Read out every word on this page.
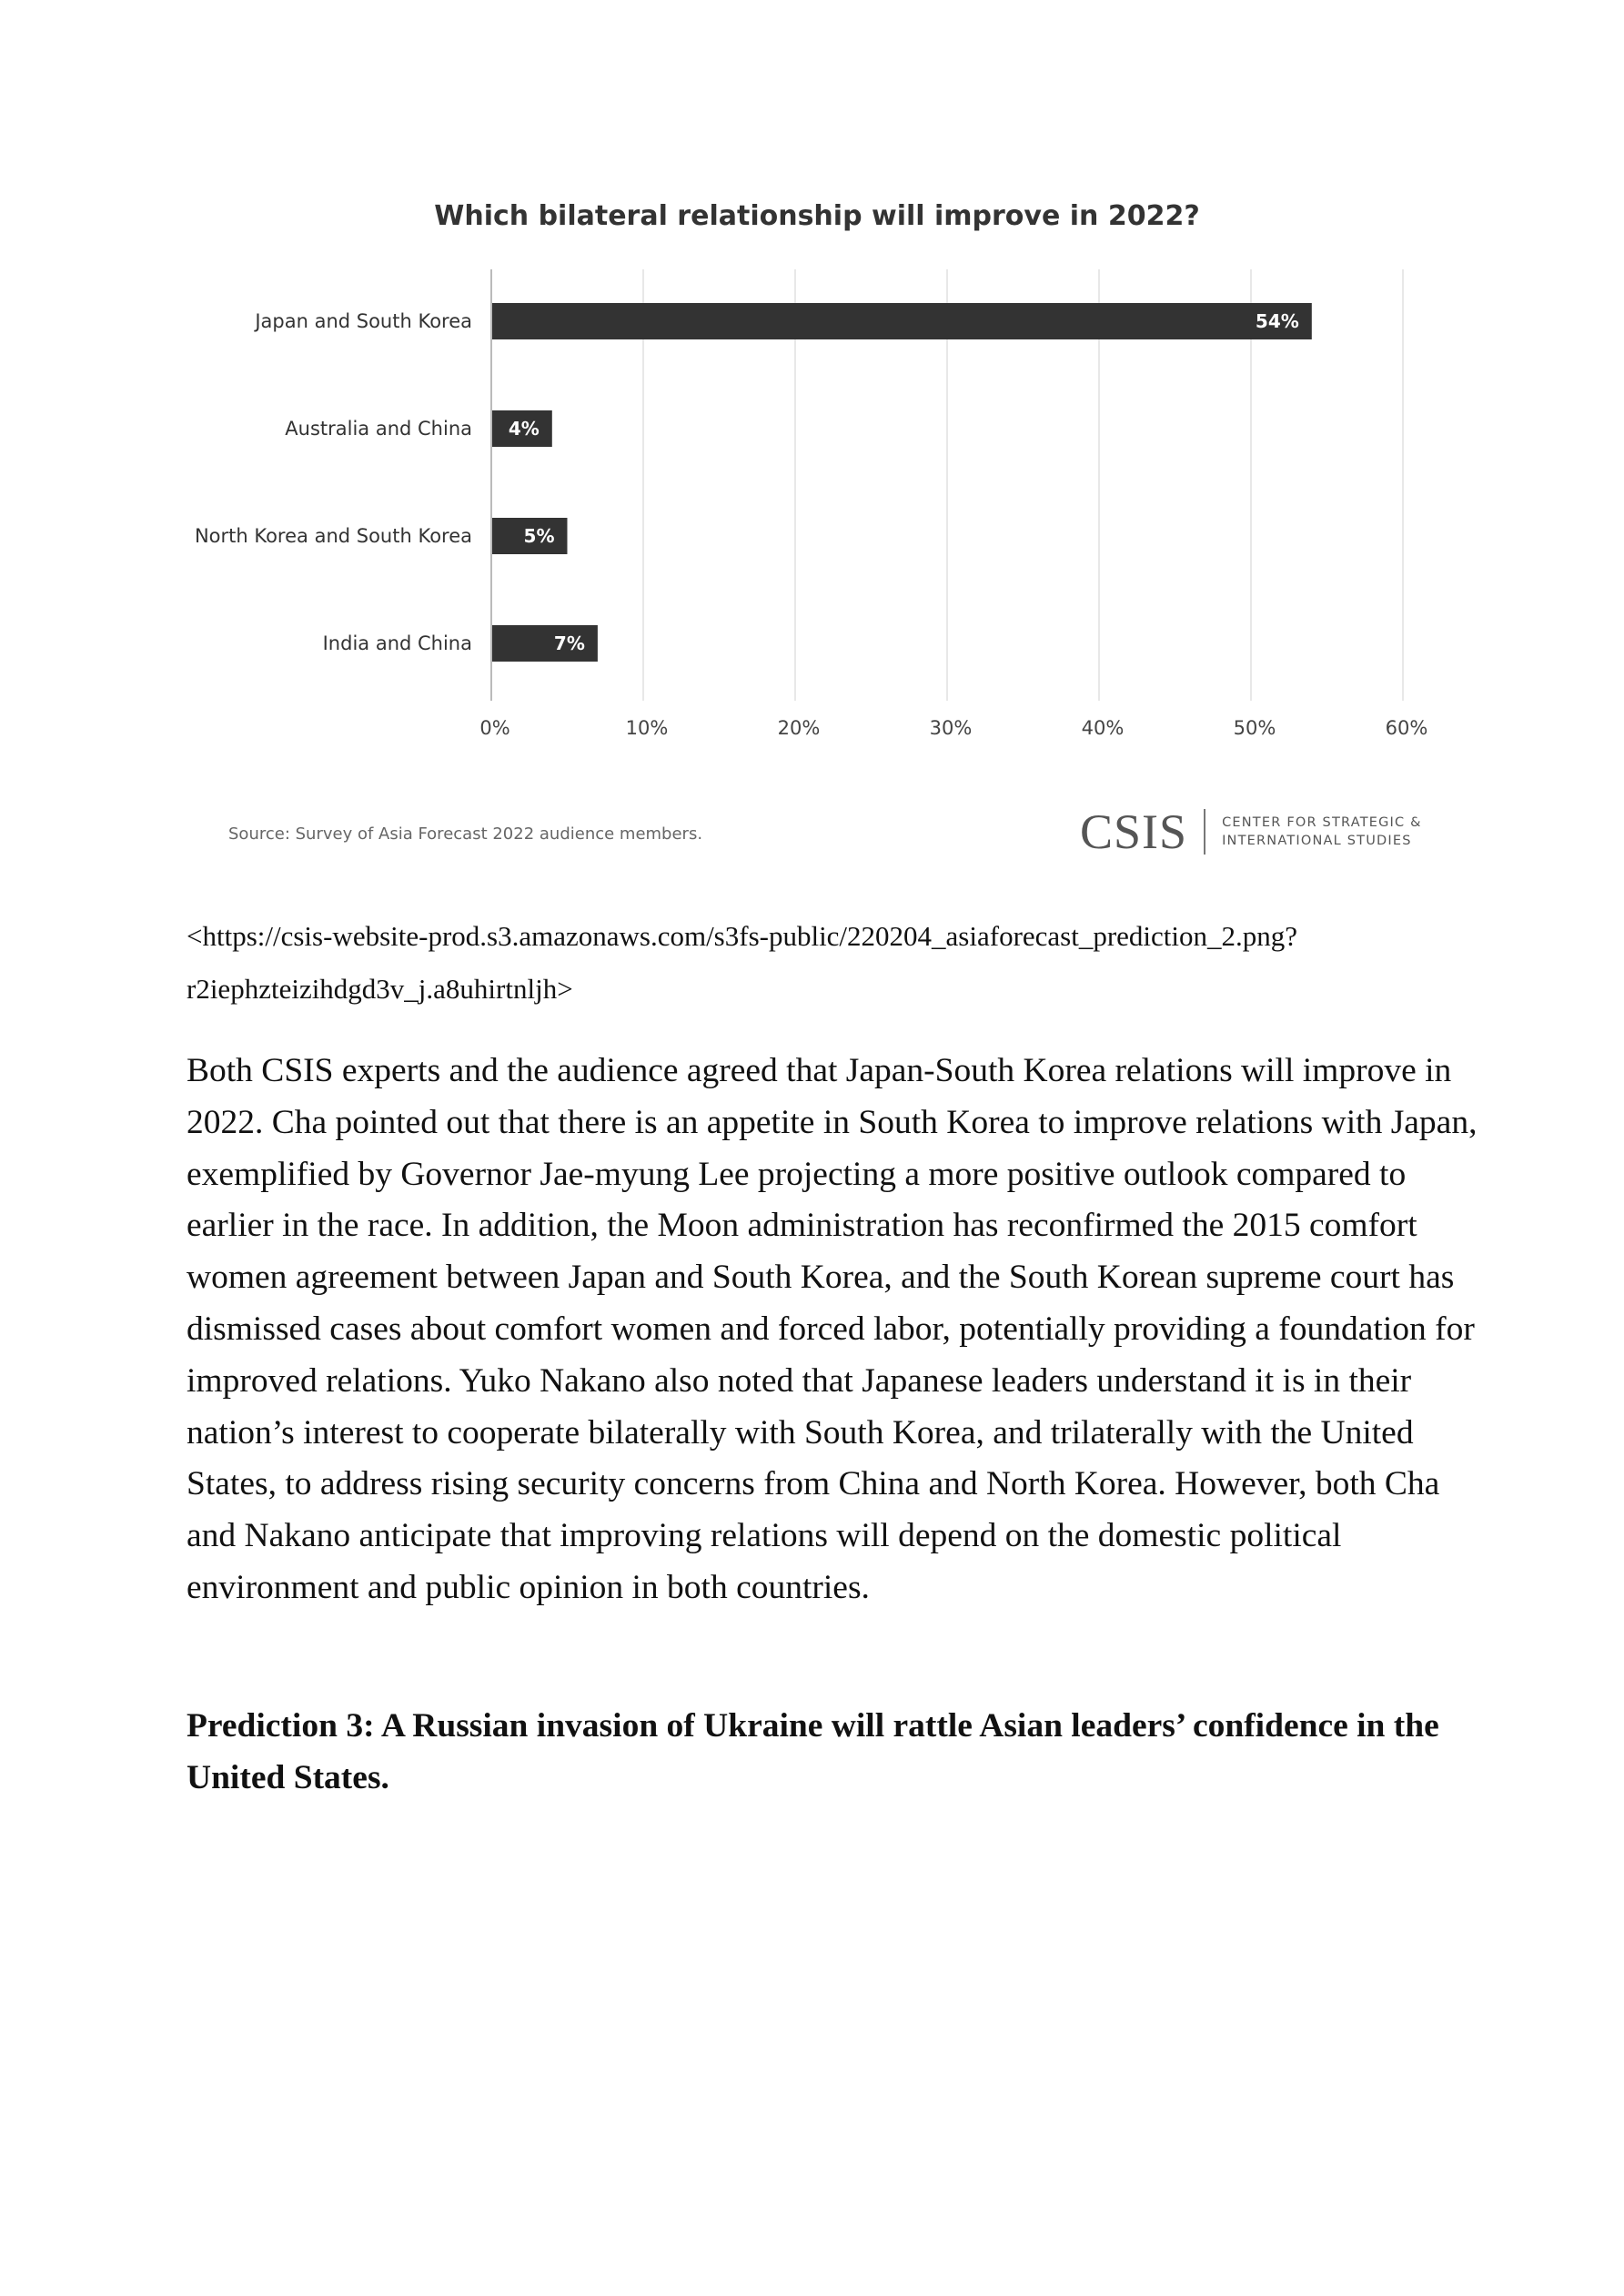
Which bilateral relationship will improve in 2022?
54%
4%
5%
7%
Japan and South Korea
Australia and China
North Korea and South Korea
India and China
0%	10%	20%	30%	40%	50%	60%
Source: Survey of Asia Forecast 2022 audience members.	CSIS	CENTER FOR STRATEGIC &
INTERNATIONAL STUDIES
<https://csis-website-prod.s3.amazonaws.com/s3fs-public/220204_asiaforecast_prediction_2.png?
r2iephzteizihdgd3v_j.a8uhirtnljh>

Both CSIS experts and the audience agreed that Japan-South Korea relations will improve in 2022. Cha pointed out that there is an appetite in South Korea to improve relations with Japan, exemplified by Governor Jae-myung Lee projecting a more positive outlook compared to earlier in the race. In addition, the Moon administration has reconfirmed the 2015 comfort women agreement between Japan and South Korea, and the South Korean supreme court has dismissed cases about comfort women and forced labor, potentially providing a foundation for improved relations. Yuko Nakano also noted that Japanese leaders understand it is in their nation’s interest to cooperate bilaterally with South Korea, and trilaterally with the United States, to address rising security concerns from China and North Korea. However, both Cha and Nakano anticipate that improving relations will depend on the domestic political environment and public opinion in both countries.

Prediction 3: A Russian invasion of Ukraine will rattle Asian leaders’ confidence in the United States.
